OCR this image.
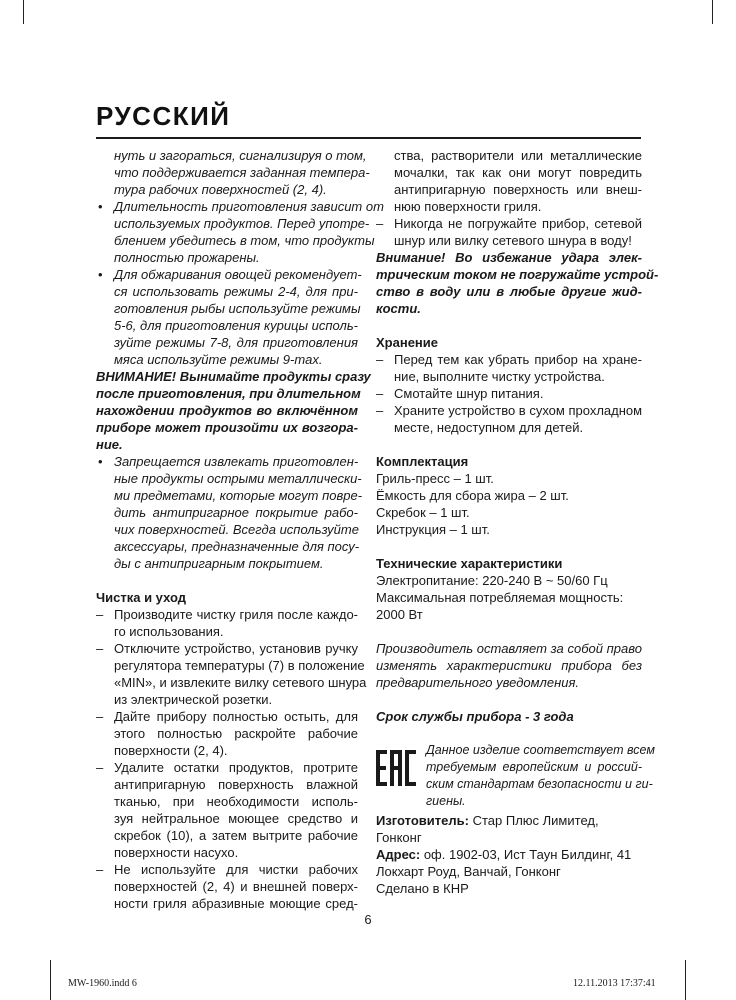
РУССКИЙ
нуть и загораться, сигнализируя о том,
что поддерживается заданная темпера-
тура рабочих поверхностей (2, 4).
• Длительность приготовления зависит от
используемых продуктов. Перед употре-
блением убедитесь в том, что продукты
полностью прожарены.
• Для обжаривания овощей рекомендует-
ся использовать режимы 2-4, для при-
готовления рыбы используйте режимы
5-6, для приготовления курицы исполь-
зуйте режимы 7-8, для приготовления
мяса используйте режимы 9-max.
ВНИМАНИЕ! Вынимайте продукты сразу
после приготовления, при длительном
нахождении продуктов во включённом
приборе может произойти их возгора-
ние.
• Запрещается извлекать приготовлен-
ные продукты острыми металлически-
ми предметами, которые могут повре-
дить антипригарное покрытие рабо-
чих поверхностей. Всегда используйте
аксессуары, предназначенные для посу-
ды с антипригарным покрытием.
Чистка и уход
– Производите чистку гриля после каждо-
го использования.
– Отключите устройство, установив ручку
регулятора температуры (7) в положение
«MIN», и извлеките вилку сетевого шнура
из электрической розетки.
– Дайте прибору полностью остыть, для
этого полностью раскройте рабочие
поверхности (2, 4).
– Удалите остатки продуктов, протрите
антипригарную поверхность влажной
тканью, при необходимости исполь-
зуя нейтральное моющее средство и
скребок (10), а затем вытрите рабочие
поверхности насухо.
– Не используйте для чистки рабочих
поверхностей (2, 4) и внешней поверх-
ности гриля абразивные моющие сред-
ства, растворители или металлические
мочалки, так как они могут повредить
антипригарную поверхность или внеш-
нюю поверхности гриля.
– Никогда не погружайте прибор, сетевой
шнур или вилку сетевого шнура в воду!
Внимание! Во избежание удара элек-
трическим током не погружайте устрой-
ство в воду или в любые другие жид-
кости.
Хранение
– Перед тем как убрать прибор на хране-
ние, выполните чистку устройства.
– Смотайте шнур питания.
– Храните устройство в сухом прохладном
месте, недоступном для детей.
Комплектация
Гриль-пресс – 1 шт.
Ёмкость для сбора жира – 2 шт.
Скребок – 1 шт.
Инструкция – 1 шт.
Технические характеристики
Электропитание: 220-240 В ~ 50/60 Гц
Максимальная потребляемая мощность:
2000 Вт
Производитель оставляет за собой право
изменять характеристики прибора без
предварительного уведомления.
Срок службы прибора - 3 года
Данное изделие соответствует всем
требуемым европейским и россий-
ским стандартам безопасности и ги-
гиены.
Изготовитель: Стар Плюс Лимитед,
Гонконг
Адрес: оф. 1902-03, Ист Таун Билдинг, 41
Локхарт Роуд, Ванчай, Гонконг
Сделано в КНР
6
MW-1960.indd 6	12.11.2013 17:37:41
